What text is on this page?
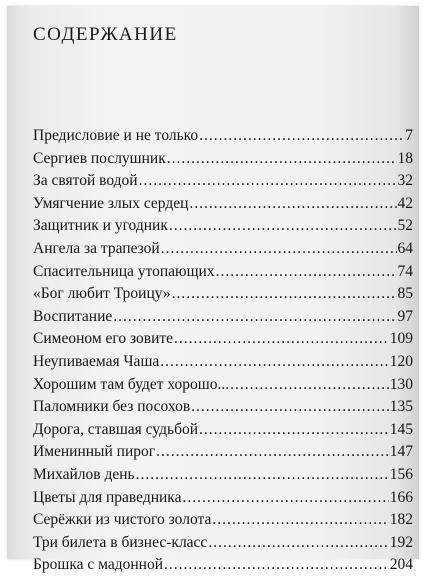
СОДЕРЖАНИЕ
Предисловие и не только .....	7
Сергиев послушник .....	18
За святой водой .....	32
Умягчение злых сердец .....	42
Защитник и угодник .....	52
Ангела за трапезой .....	64
Спасительница утопающих .....	74
«Бог любит Троицу» .....	85
Воспитание .....	97
Симеоном его зовите .....	109
Неупиваемая Чаша .....	120
Хорошим там будет хорошо... .....	130
Паломники без посохов .....	135
Дорога, ставшая судьбой .....	145
Именинный пирог .....	147
Михайлов день .....	156
Цветы для праведника .....	166
Серёжки из чистого золота .....	182
Три билета в бизнес-класс .....	192
Брошка с мадонной .....	204
